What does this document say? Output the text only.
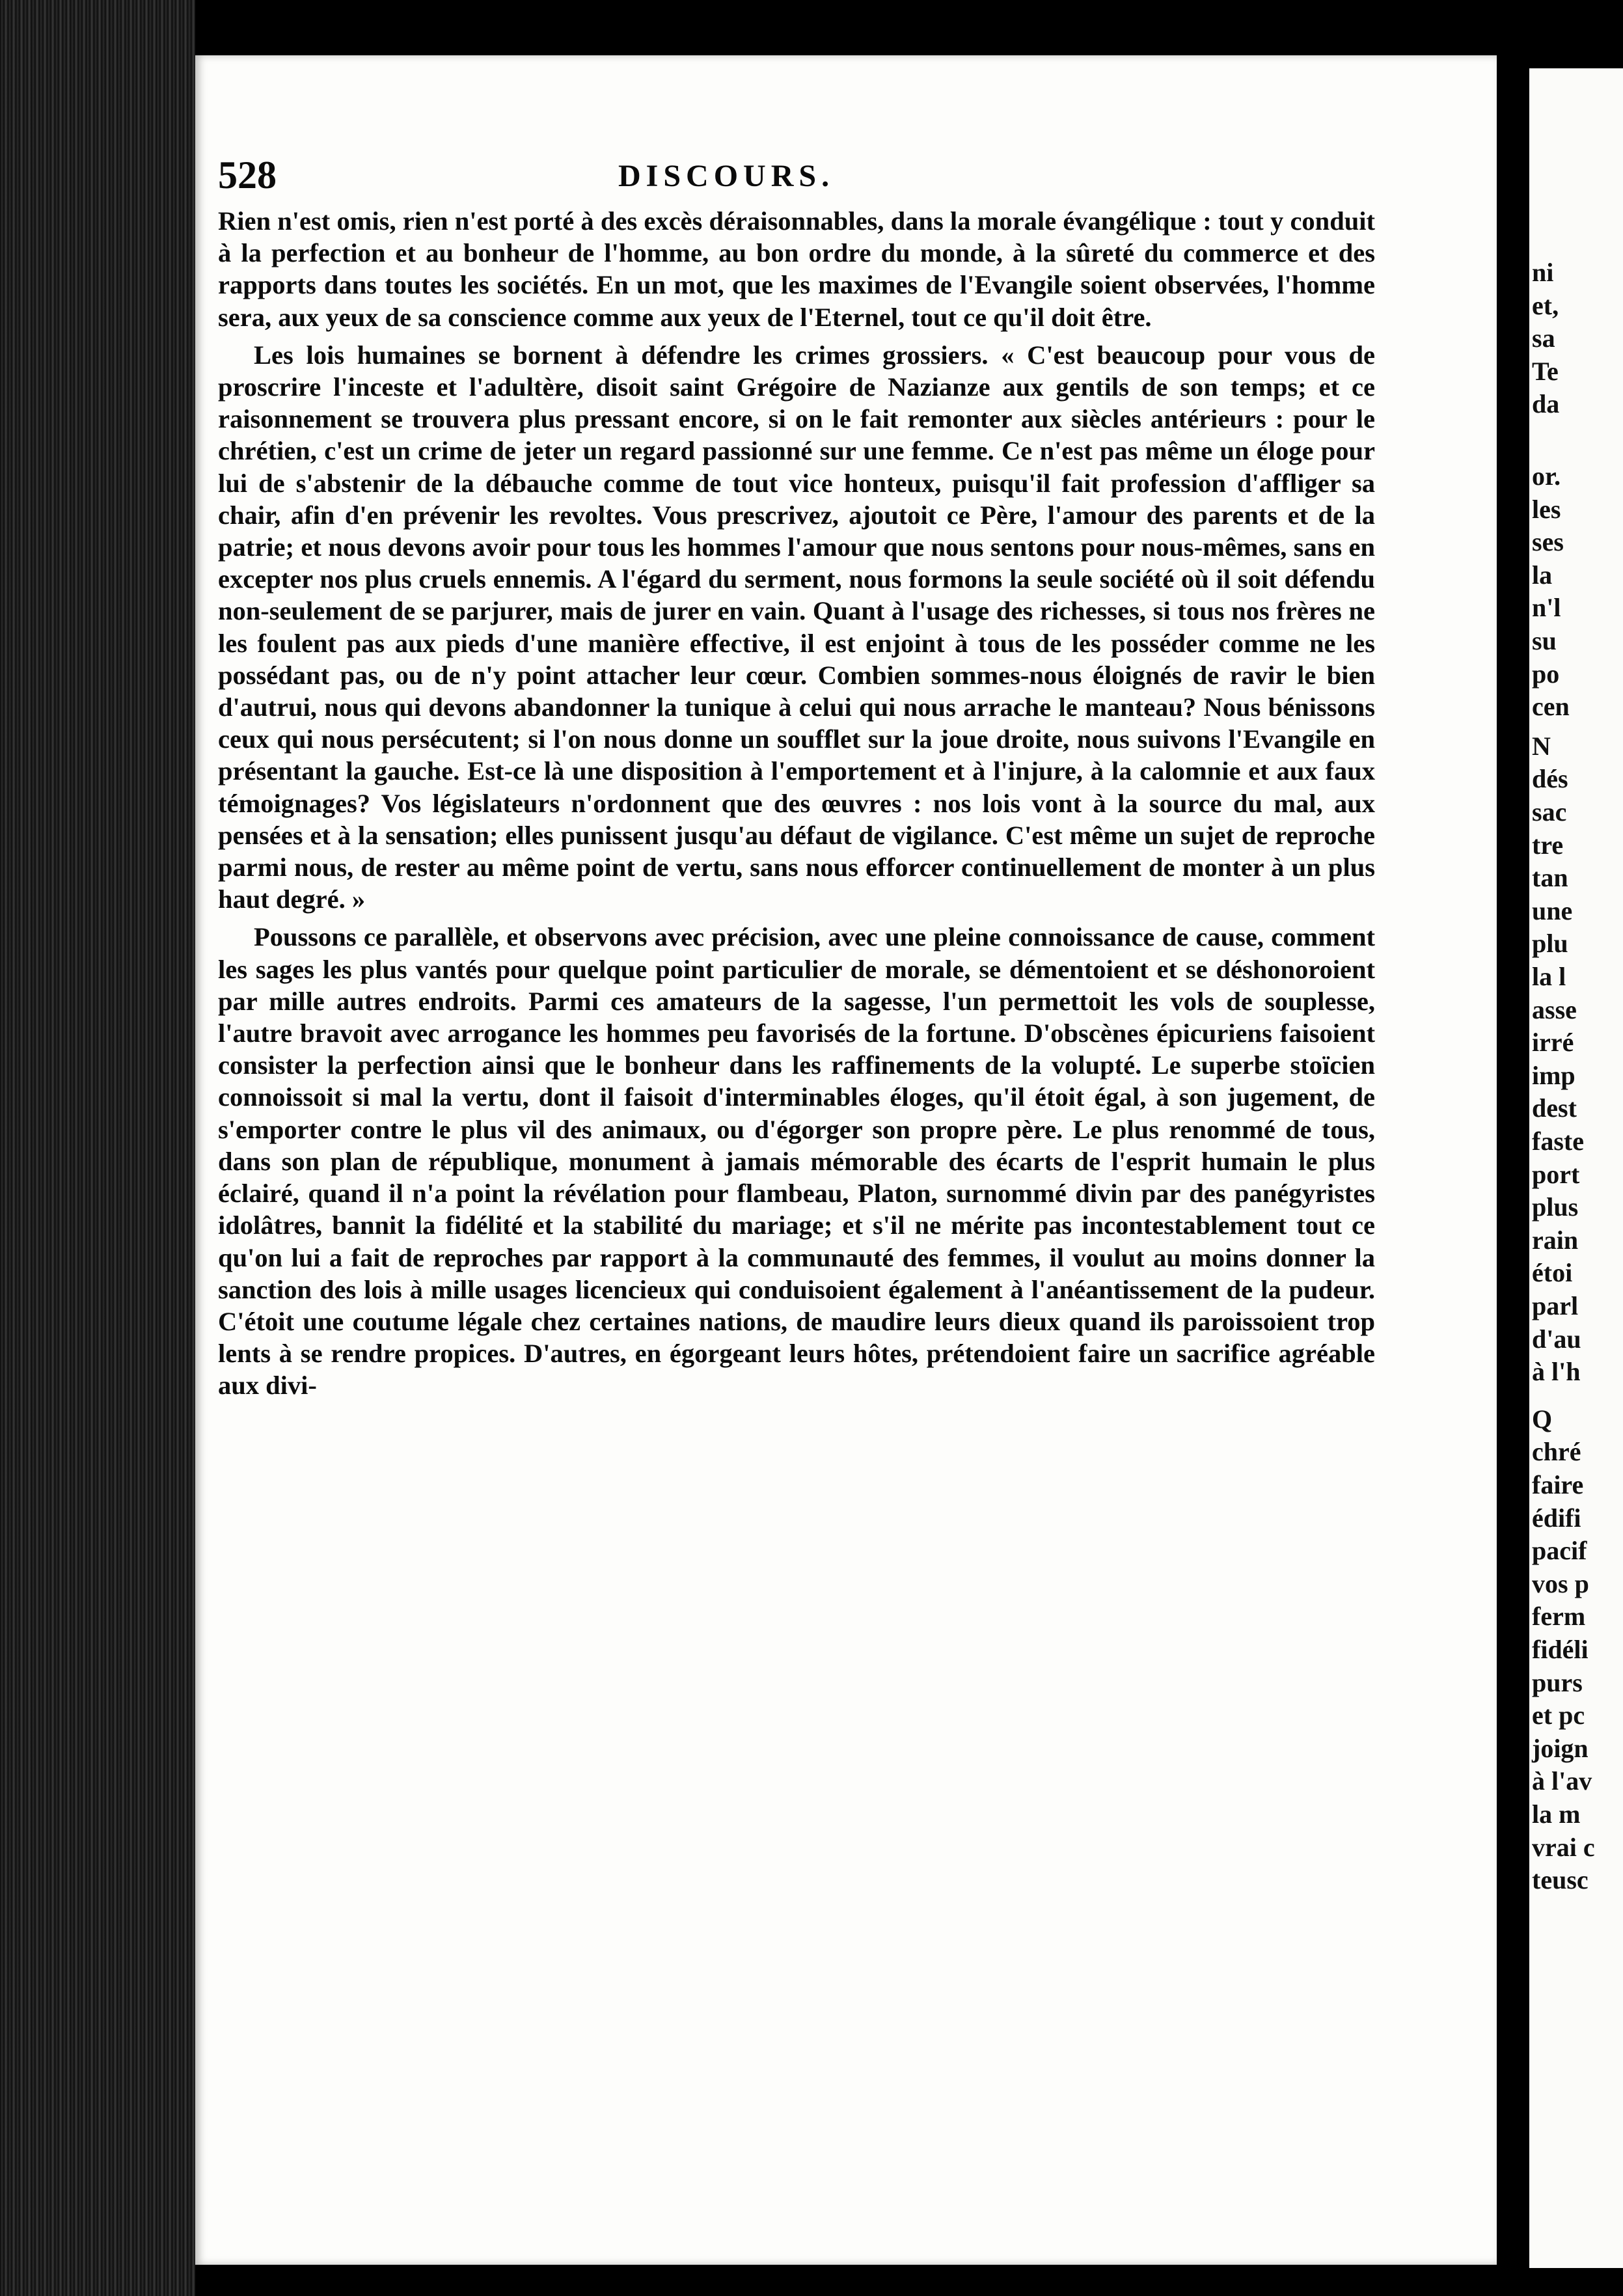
ni
et,
sa
Te
da
or.
les
ses
la
n'l
su
po
cen
N
dés
sac
tre
tan
une
plu
la l
asse
irré
imp
dest
faste
port
plus
rain
étoi
parl
d'au
à l'h
Q
chré
faire
édifi
pacif
vos p
ferm
fidéli
purs
et pc
joign
à l'av
la m
vrai c
teusc
528	DISCOURS.

Rien n'est omis, rien n'est porté à des excès déraisonnables, dans la morale évangélique : tout y conduit à la perfection et au bonheur de l'homme, au bon ordre du monde, à la sûreté du commerce et des rapports dans toutes les sociétés. En un mot, que les maximes de l'Evangile soient observées, l'homme sera, aux yeux de sa conscience comme aux yeux de l'Eternel, tout ce qu'il doit être.

Les lois humaines se bornent à défendre les crimes grossiers. « C'est beaucoup pour vous de proscrire l'inceste et l'adultère, disoit saint Grégoire de Nazianze aux gentils de son temps; et ce raisonnement se trouvera plus pressant encore, si on le fait remonter aux siècles antérieurs : pour le chrétien, c'est un crime de jeter un regard passionné sur une femme. Ce n'est pas même un éloge pour lui de s'abstenir de la débauche comme de tout vice honteux, puisqu'il fait profession d'affliger sa chair, afin d'en prévenir les revoltes. Vous prescrivez, ajoutoit ce Père, l'amour des parents et de la patrie; et nous devons avoir pour tous les hommes l'amour que nous sentons pour nous-mêmes, sans en excepter nos plus cruels ennemis. A l'égard du serment, nous formons la seule société où il soit défendu non-seulement de se parjurer, mais de jurer en vain. Quant à l'usage des richesses, si tous nos frères ne les foulent pas aux pieds d'une manière effective, il est enjoint à tous de les posséder comme ne les possédant pas, ou de n'y point attacher leur cœur. Combien sommes-nous éloignés de ravir le bien d'autrui, nous qui devons abandonner la tunique à celui qui nous arrache le manteau? Nous bénissons ceux qui nous persécutent; si l'on nous donne un soufflet sur la joue droite, nous suivons l'Evangile en présentant la gauche. Est-ce là une disposition à l'emportement et à l'injure, à la calomnie et aux faux témoignages? Vos législateurs n'ordonnent que des œuvres : nos lois vont à la source du mal, aux pensées et à la sensation; elles punissent jusqu'au défaut de vigilance. C'est même un sujet de reproche parmi nous, de rester au même point de vertu, sans nous efforcer continuellement de monter à un plus haut degré. »

Poussons ce parallèle, et observons avec précision, avec une pleine connoissance de cause, comment les sages les plus vantés pour quelque point particulier de morale, se démentoient et se déshonoroient par mille autres endroits. Parmi ces amateurs de la sagesse, l'un permettoit les vols de souplesse, l'autre bravoit avec arrogance les hommes peu favorisés de la fortune. D'obscènes épicuriens faisoient consister la perfection ainsi que le bonheur dans les raffinements de la volupté. Le superbe stoïcien connoissoit si mal la vertu, dont il faisoit d'interminables éloges, qu'il étoit égal, à son jugement, de s'emporter contre le plus vil des animaux, ou d'égorger son propre père. Le plus renommé de tous, dans son plan de république, monument à jamais mémorable des écarts de l'esprit humain le plus éclairé, quand il n'a point la révélation pour flambeau, Platon, surnommé divin par des panégyristes idolâtres, bannit la fidélité et la stabilité du mariage; et s'il ne mérite pas incontestablement tout ce qu'on lui a fait de reproches par rapport à la communauté des femmes, il voulut au moins donner la sanction des lois à mille usages licencieux qui conduisoient également à l'anéantissement de la pudeur. C'étoit une coutume légale chez certaines nations, de maudire leurs dieux quand ils paroissoient trop lents à se rendre propices. D'autres, en égorgeant leurs hôtes, prétendoient faire un sacrifice agréable aux divi-
